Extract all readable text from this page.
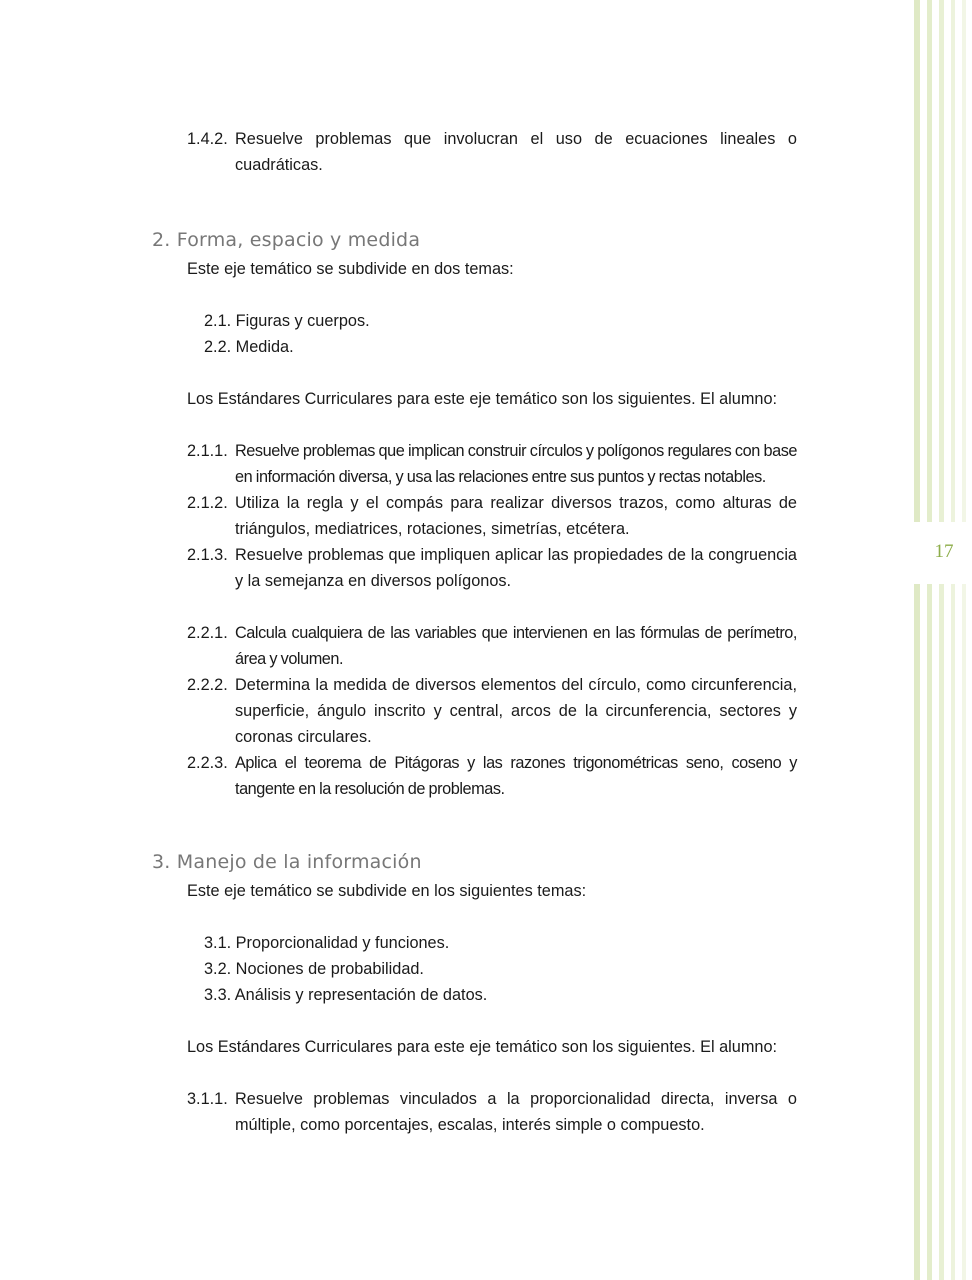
17
1.4.2. Resuelve problemas que involucran el uso de ecuaciones lineales o cuadráticas.
2. Forma, espacio y medida
Este eje temático se subdivide en dos temas:
2.1. Figuras y cuerpos.
2.2. Medida.
Los Estándares Curriculares para este eje temático son los siguientes. El alumno:
2.1.1. Resuelve problemas que implican construir círculos y polígonos regulares con base en información diversa, y usa las relaciones entre sus puntos y rectas notables.
2.1.2. Utiliza la regla y el compás para realizar diversos trazos, como alturas de triángulos, mediatrices, rotaciones, simetrías, etcétera.
2.1.3. Resuelve problemas que impliquen aplicar las propiedades de la congruencia y la semejanza en diversos polígonos.
2.2.1. Calcula cualquiera de las variables que intervienen en las fórmulas de perímetro, área y volumen.
2.2.2. Determina la medida de diversos elementos del círculo, como circunferencia, superficie, ángulo inscrito y central, arcos de la circunferencia, sectores y coronas circulares.
2.2.3. Aplica el teorema de Pitágoras y las razones trigonométricas seno, coseno y tangente en la resolución de problemas.
3. Manejo de la información
Este eje temático se subdivide en los siguientes temas:
3.1. Proporcionalidad y funciones.
3.2. Nociones de probabilidad.
3.3. Análisis y representación de datos.
Los Estándares Curriculares para este eje temático son los siguientes. El alumno:
3.1.1. Resuelve problemas vinculados a la proporcionalidad directa, inversa o múltiple, como porcentajes, escalas, interés simple o compuesto.
